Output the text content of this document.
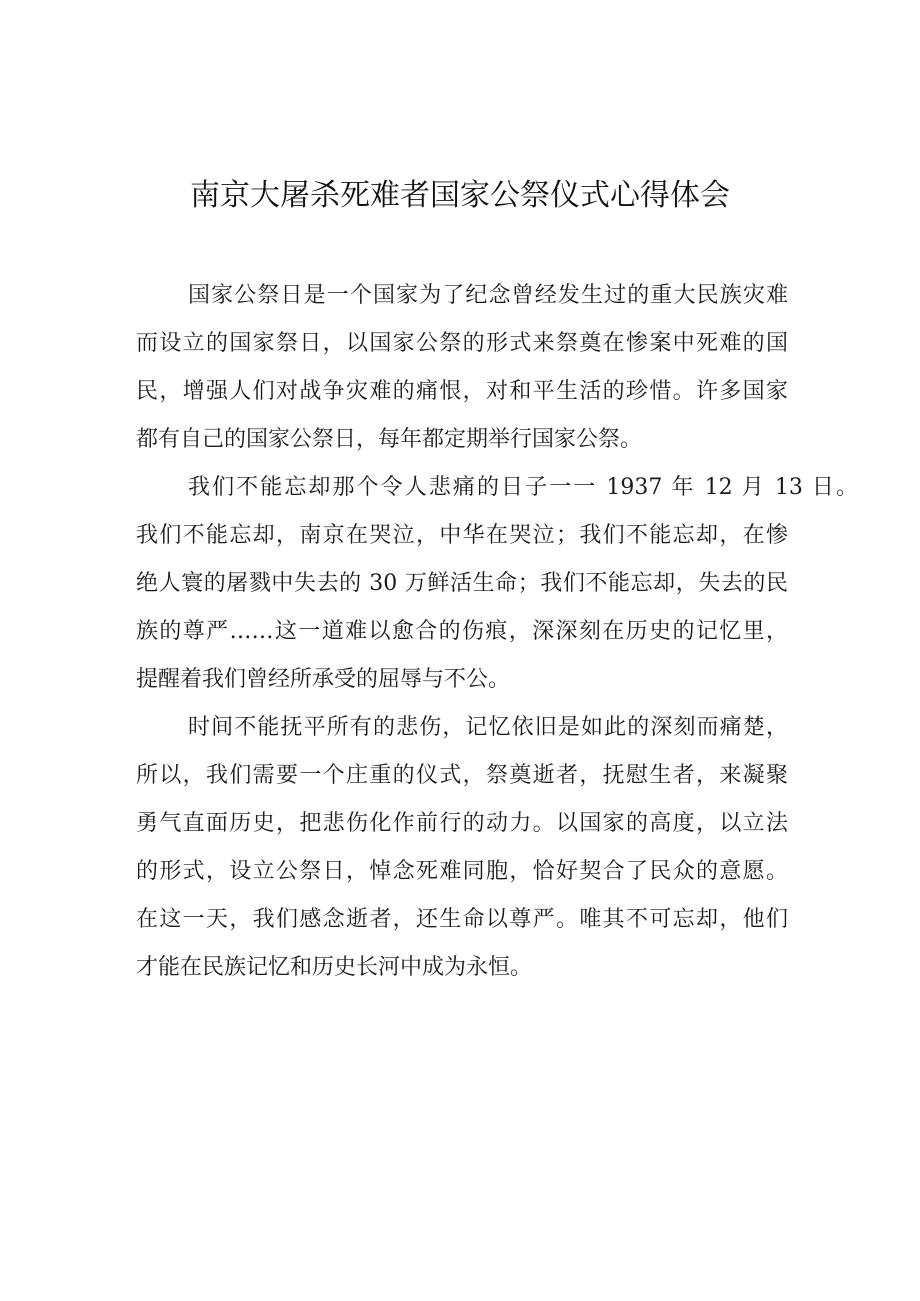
南京大屠杀死难者国家公祭仪式心得体会
国家公祭日是一个国家为了纪念曾经发生过的重大民族灾难
而设立的国家祭日，以国家公祭的形式来祭奠在惨案中死难的国
民，增强人们对战争灾难的痛恨，对和平生活的珍惜。许多国家
都有自己的国家公祭日，每年都定期举行国家公祭。
我们不能忘却那个令人悲痛的日子一一 1937 年 12 月 13 日。
我们不能忘却，南京在哭泣，中华在哭泣；我们不能忘却，在惨
绝人寰的屠戮中失去的 30 万鲜活生命；我们不能忘却，失去的民
族的尊严……这一道难以愈合的伤痕，深深刻在历史的记忆里，
提醒着我们曾经所承受的屈辱与不公。
时间不能抚平所有的悲伤，记忆依旧是如此的深刻而痛楚，
所以，我们需要一个庄重的仪式，祭奠逝者，抚慰生者，来凝聚
勇气直面历史，把悲伤化作前行的动力。以国家的高度，以立法
的形式，设立公祭日，悼念死难同胞，恰好契合了民众的意愿。
在这一天，我们感念逝者，还生命以尊严。唯其不可忘却，他们
才能在民族记忆和历史长河中成为永恒。
